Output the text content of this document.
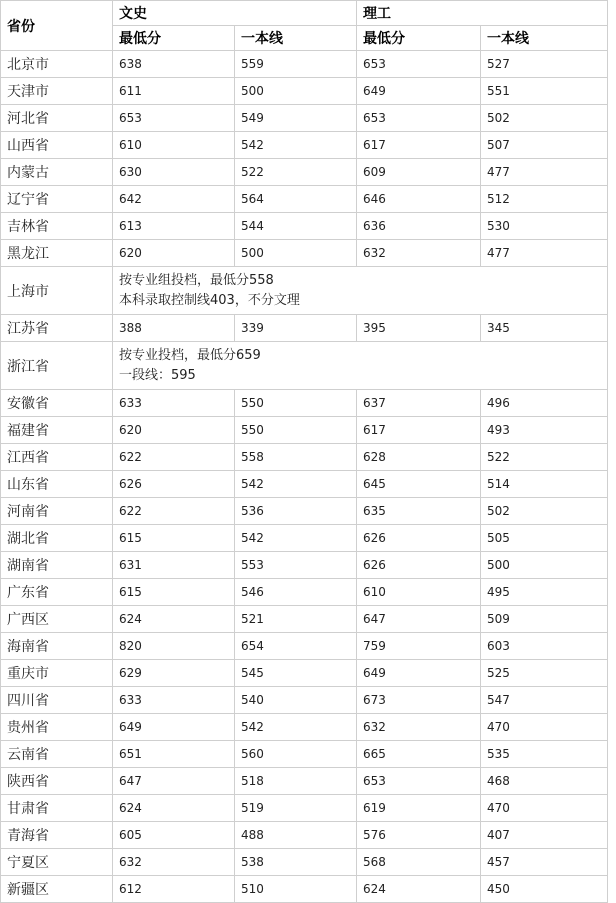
省份	文史		理工	
	最低分	一本线	最低分	一本线
北京市	638	559	653	527
天津市	611	500	649	551
河北省	653	549	653	502
山西省	610	542	617	507
内蒙古	630	522	609	477
辽宁省	642	564	646	512
吉林省	613	544	636	530
黑龙江	620	500	632	477
上海市	按专业组投档，最低分558
本科录取控制线403，不分文理			

江苏省	388	339	395	345
浙江省	按专业投档，最低分659
一段线：595			

安徽省	633	550	637	496
福建省	620	550	617	493
江西省	622	558	628	522
山东省	626	542	645	514
河南省	622	536	635	502
湖北省	615	542	626	505
湖南省	631	553	626	500
广东省	615	546	610	495
广西区	624	521	647	509
海南省	820	654	759	603
重庆市	629	545	649	525
四川省	633	540	673	547
贵州省	649	542	632	470
云南省	651	560	665	535
陕西省	647	518	653	468
甘肃省	624	519	619	470
青海省	605	488	576	407
宁夏区	632	538	568	457
新疆区	612	510	624	450
